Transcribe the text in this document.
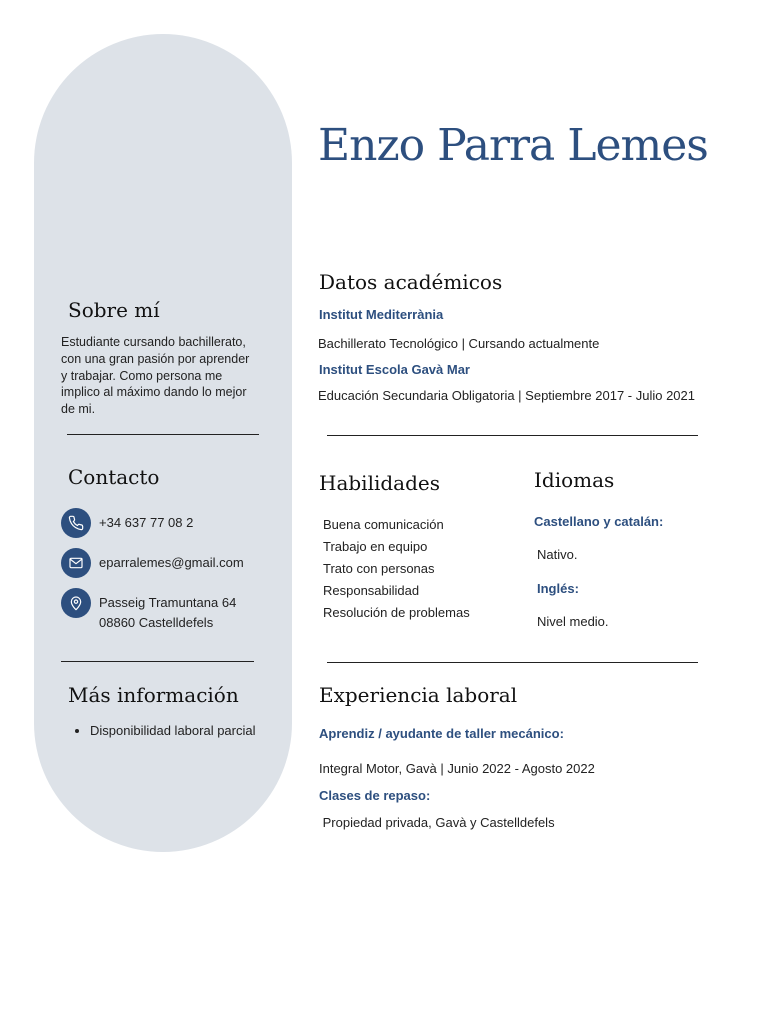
Enzo Parra Lemes
Sobre mí

Estudiante cursando bachillerato, con una gran pasión por aprender y trabajar. Como persona me implico al máximo dando lo mejor de mi.

Contacto
+34 637 77 08 2
eparralemes@gmail.com
Passeig Tramuntana 64
08860 Castelldefels
Más información
• Disponibilidad laboral parcial
Datos académicos

Institut Mediterrània

Bachillerato Tecnológico | Cursando actualmente

Institut Escola Gavà Mar

Educación Secundaria Obligatoria | Septiembre 2017 - Julio 2021

Habilidades
Buena comunicación
Trabajo en equipo
Trato con personas
Responsabilidad
Resolución de problemas
Idiomas

Castellano y catalán:

Nativo.

Inglés:

Nivel medio.

Experiencia laboral

Aprendiz / ayudante de taller mecánico:

Integral Motor, Gavà | Junio 2022 - Agosto 2022

Clases de repaso:

Propiedad privada, Gavà y Castelldefels
